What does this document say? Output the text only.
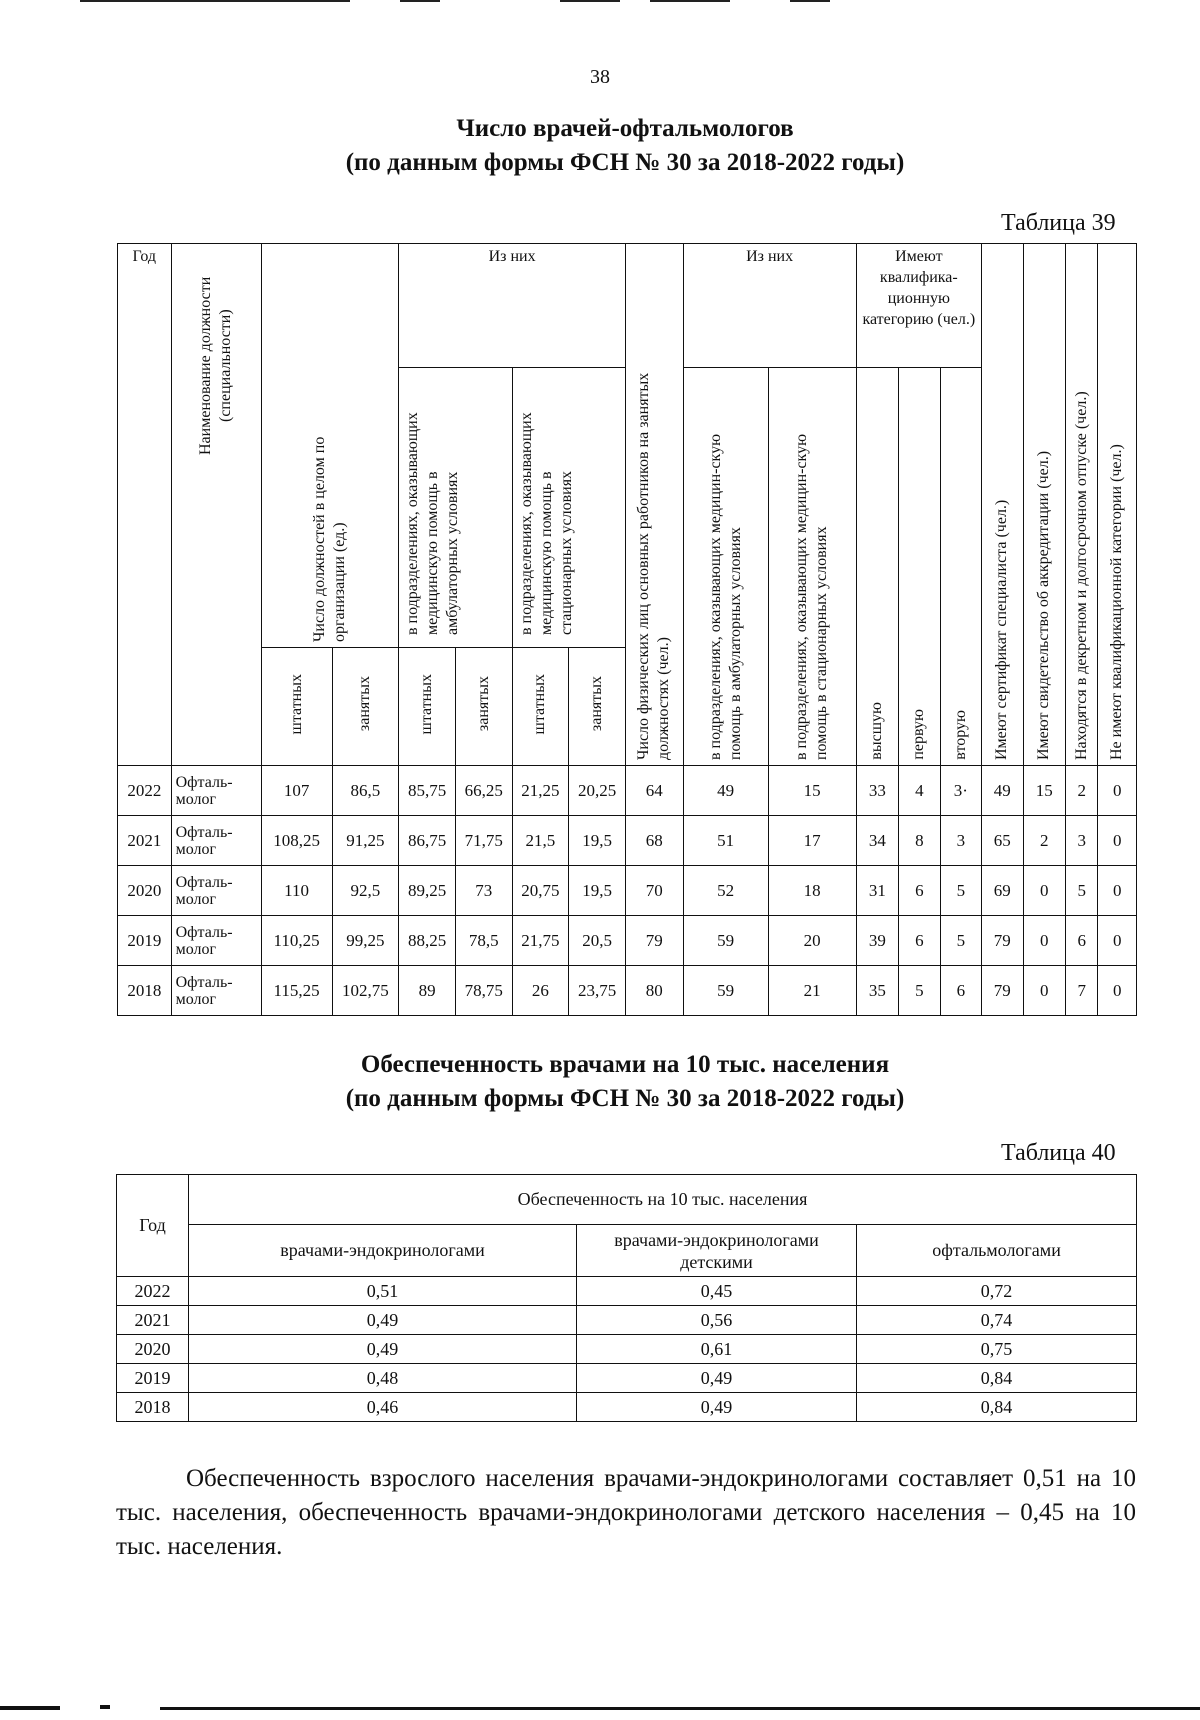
38
Число врачей-офтальмологов
(по данным формы ФСН № 30 за 2018-2022 годы)
Таблица 39
Год	Наименование должности (специальности)	Число должностей в целом по организации (ед.)		Из них				Число физических лиц основных работников на занятых должностях (чел.)	Из них		Имеют квалифика-ционную категорию (чел.)			Имеют сертификат специалиста (чел.)	Имеют свидетельство об аккредитации (чел.)	Находятся в декретном и долгосрочном отпуске (чел.)	Не имеют квалификационной категории (чел.)
				в подразделениях, оказывающих медицинскую помощь в амбулаторных условиях		в подразделениях, оказывающих медицинскую помощь в стационарных условиях			в подразделениях, оказывающих медицин-скую помощь в амбулаторных условиях	в подразделениях, оказывающих медицин-скую помощь в стационарных условиях	высшую	первую	вторую				
		штатных	занятых	штатных	занятых	штатных	занятых										
2022	Офталь-молог	107	86,5	85,75	66,25	21,25	20,25	64	49	15	33	4	3·	49	15	2	0
2021	Офталь-молог	108,25	91,25	86,75	71,75	21,5	19,5	68	51	17	34	8	3	65	2	3	0
2020	Офталь-молог	110	92,5	89,25	73	20,75	19,5	70	52	18	31	6	5	69	0	5	0
2019	Офталь-молог	110,25	99,25	88,25	78,5	21,75	20,5	79	59	20	39	6	5	79	0	6	0
2018	Офталь-молог	115,25	102,75	89	78,75	26	23,75	80	59	21	35	5	6	79	0	7	0
Обеспеченность врачами на 10 тыс. населения
(по данным формы ФСН № 30 за 2018-2022 годы)
Таблица 40
Год	Обеспеченность на 10 тыс. населения		
	врачами-эндокринологами	врачами-эндокринологами детскими	офтальмологами
2022	0,51	0,45	0,72
2021	0,49	0,56	0,74
2020	0,49	0,61	0,75
2019	0,48	0,49	0,84
2018	0,46	0,49	0,84
Обеспеченность взрослого населения врачами-эндокринологами составляет 0,51 на 10 тыс. населения, обеспеченность врачами-эндокринологами детского населения – 0,45 на 10 тыс. населения.
